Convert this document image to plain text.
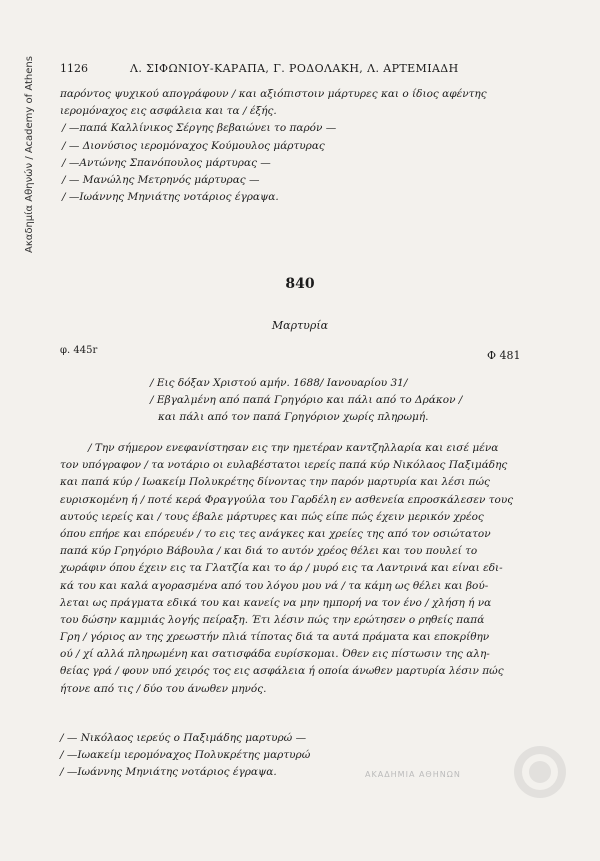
Ακαδημία Αθηνών / Academy of Athens 1126	Λ. ΣΙΦΩΝΙΟΥ-ΚΑΡΑΠΑ, Γ. ΡΟΔΟΛΑΚΗ, Λ. ΑΡΤΕΜΙΑΔΗ
παρόντος ψυχικού απογράφουν / και αξιόπιστοιν μάρτυρες και ο ίδιος αφέντης
ιερομόναχος εις ασφάλεια και τα / έξής.
/ —παπά Καλλίνικος Σέργης βεβαιώνει το παρόν —
/ — Διονύσιος ιερομόναχος Κούμουλος μάρτυρας
/ —Αντώνης Σπανόπουλος μάρτυρας —
/ — Μανώλης Μετρηνός μάρτυρας —
/ —Ιωάννης Μηνιάτης νοτάριος έγραψα.
840
Μαρτυρία
φ. 445r	Φ 481
/ Εις δόξαν Χριστού αμήν. 1688/ Ιανουαρίου 31/
/ Εβγαλμένη από παπά Γρηγόριο και πάλι από το Δράκον /
και πάλι από τον παπά Γρηγόριον χωρίς πληρωμή.
/ Την σήμερον ενεφανίστησαν εις την ημετέραν καντζηλλαρία και εισέ μένα
τον υπόγραφον / τα νοτάριο οι ευλαβέστατοι ιερείς παπά κύρ Νικόλαος Παξιμάδης
και παπά κύρ / Ιωακείμ Πολυκρέτης δίνοντας την παρόν μαρτυρία και λέσι πώς
ευρισκομένη ή / ποτέ κερά Φραγγούλα του Γαρδέλη εν ασθενεία επροσκάλεσεν τους
αυτούς ιερείς και / τους έβαλε μάρτυρες και πώς είπε πώς έχειν μερικόν χρέος
όπου επήρε και επόρευέν / το εις τες ανάγκες και χρείες της από τον οσιώτατον
παπά κύρ Γρηγόριο Βάβουλα / και διά το αυτόν χρέος θέλει και του πουλεί το
χωράφιν όπου έχειν εις τα Γλατζία και το άρ / μυρό εις τα Λαντρινά και είναι εδι-
κά του και καλά αγορασμένα από του λόγου μου νά / τα κάμη ως θέλει και βού-
λεται ως πράγματα εδικά του και κανείς να μην ημπορή να τον ένο / χλήση ή να
του δώσην καμμιάς λογής πείραξη. Έτι λέσιν πώς την ερώτησεν ο ρηθείς παπά
Γρη / γόριος αν της χρεωστήν πλιά τίποτας διά τα αυτά πράματα και εποκρίθην
ού / χί αλλά πληρωμένη και σατισφάδα ευρίσκομαι. Όθεν εις πίστωσιν της αλη-
θείας γρά / φουν υπό χειρός τος εις ασφάλεια ή οποία άνωθεν μαρτυρία λέσιν πώς
ήτονε από τις / δύο του άνωθεν μηνός.
/ — Νικόλαος ιερεύς ο Παξιμάδης μαρτυρώ —
/ —Ιωακείμ ιερομόναχος Πολυκρέτης μαρτυρώ
/ —Ιωάννης Μηνιάτης νοτάριος έγραψα.	ΑΚΑΔΗΜΙΑ ΑΘΗΝΩΝ
